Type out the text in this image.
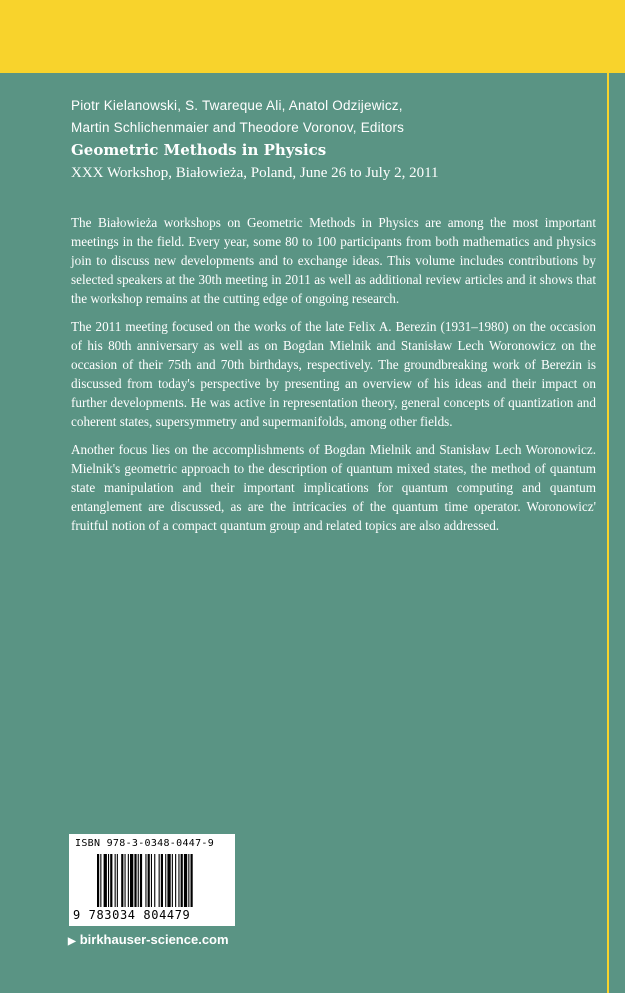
Piotr Kielanowski, S. Twareque Ali, Anatol Odzijewicz,
Martin Schlichenmaier and Theodore Voronov, Editors
Geometric Methods in Physics
XXX Workshop, Białowieża, Poland, June 26 to July 2, 2011

The Białowieża workshops on Geometric Methods in Physics are among the most important meetings in the field. Every year, some 80 to 100 participants from both mathematics and physics join to discuss new developments and to exchange ideas. This volume includes contributions by selected speakers at the 30th meeting in 2011 as well as additional review articles and it shows that the workshop remains at the cutting edge of ongoing research.

The 2011 meeting focused on the works of the late Felix A. Berezin (1931–1980) on the occasion of his 80th anniversary as well as on Bogdan Mielnik and Stanisław Lech Woronowicz on the occasion of their 75th and 70th birthdays, respectively. The groundbreaking work of Berezin is discussed from today's perspective by presenting an overview of his ideas and their impact on further developments. He was active in representation theory, general concepts of quantization and coherent states, supersymmetry and supermanifolds, among other fields.

Another focus lies on the accomplishments of Bogdan Mielnik and Stanisław Lech Woronowicz. Mielnik's geometric approach to the description of quantum mixed states, the method of quantum state manipulation and their important implications for quantum computing and quantum entanglement are discussed, as are the intricacies of the quantum time operator. Woronowicz' fruitful notion of a compact quantum group and related topics are also addressed.

ISBN 978-3-0348-0447-9
9 783034 804479
▶ birkhauser-science.com
